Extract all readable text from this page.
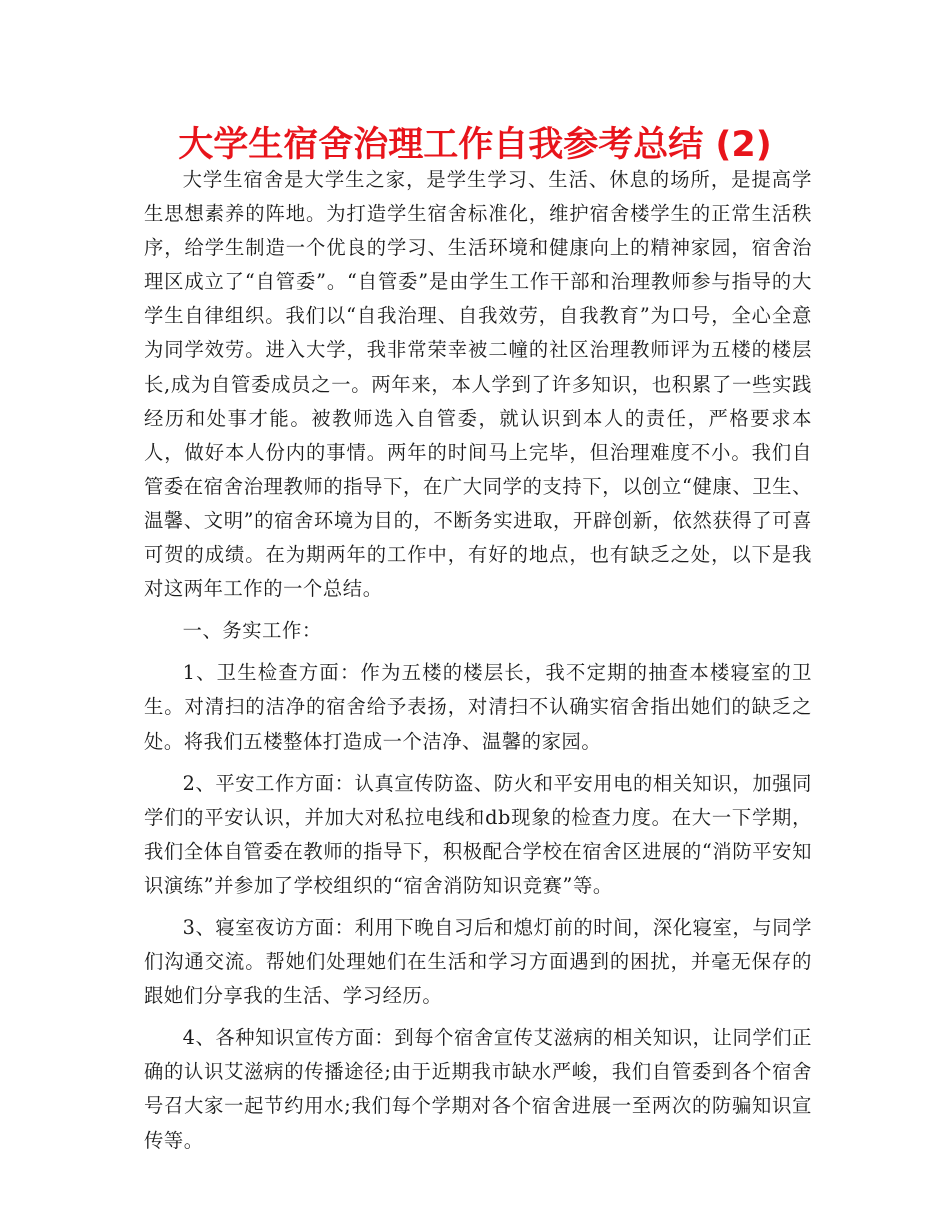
大学生宿舍治理工作自我参考总结 (2)

大学生宿舍是大学生之家，是学生学习、生活、休息的场所，是提高学生思想素养的阵地。为打造学生宿舍标准化，维护宿舍楼学生的正常生活秩序，给学生制造一个优良的学习、生活环境和健康向上的精神家园，宿舍治理区成立了“自管委”。“自管委”是由学生工作干部和治理教师参与指导的大学生自律组织。我们以“自我治理、自我效劳，自我教育”为口号，全心全意为同学效劳。进入大学，我非常荣幸被二幢的社区治理教师评为五楼的楼层长,成为自管委成员之一。两年来，本人学到了许多知识，也积累了一些实践经历和处事才能。被教师选入自管委，就认识到本人的责任，严格要求本人，做好本人份内的事情。两年的时间马上完毕，但治理难度不小。我们自管委在宿舍治理教师的指导下，在广大同学的支持下，以创立“健康、卫生、温馨、文明”的宿舍环境为目的，不断务实进取，开辟创新，依然获得了可喜可贺的成绩。在为期两年的工作中，有好的地点，也有缺乏之处，以下是我对这两年工作的一个总结。

一、务实工作：

1、卫生检查方面：作为五楼的楼层长，我不定期的抽查本楼寝室的卫生。对清扫的洁净的宿舍给予表扬，对清扫不认确实宿舍指出她们的缺乏之处。将我们五楼整体打造成一个洁净、温馨的家园。

2、平安工作方面：认真宣传防盗、防火和平安用电的相关知识，加强同学们的平安认识，并加大对私拉电线和db现象的检查力度。在大一下学期，我们全体自管委在教师的指导下，积极配合学校在宿舍区进展的“消防平安知识演练”并参加了学校组织的“宿舍消防知识竞赛”等。

3、寝室夜访方面：利用下晚自习后和熄灯前的时间，深化寝室，与同学们沟通交流。帮她们处理她们在生活和学习方面遇到的困扰，并毫无保存的跟她们分享我的生活、学习经历。

4、各种知识宣传方面：到每个宿舍宣传艾滋病的相关知识，让同学们正确的认识艾滋病的传播途径;由于近期我市缺水严峻，我们自管委到各个宿舍号召大家一起节约用水;我们每个学期对各个宿舍进展一至两次的防骗知识宣传等。
